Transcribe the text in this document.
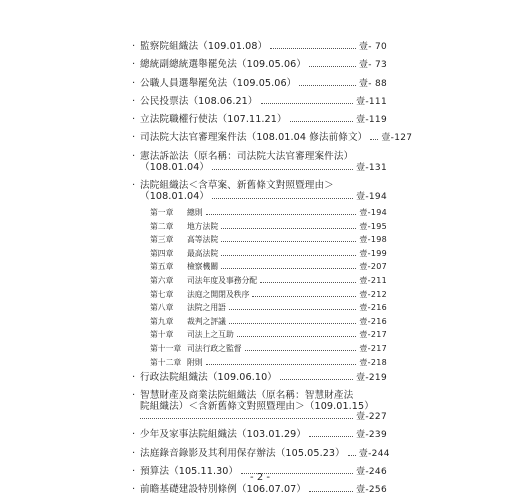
‧ 監察院組織法（109.01.08）	壹- 70
‧ 總統副總統選舉罷免法（109.05.06）	壹- 73
‧ 公職人員選舉罷免法（109.05.06）	壹- 88
‧ 公民投票法（108.06.21）	壹-111
‧ 立法院職權行使法（107.11.21）	壹-119
‧ 司法院大法官審理案件法（108.01.04 修法前條文） 壹-127
‧ 憲法訴訟法（原名稱：司法院大法官審理案件法）
（108.01.04）	壹-131
‧ 法院組織法＜含草案、新舊條文對照暨理由＞
（108.01.04）	壹-194
第一章	總則	壹-194
第二章	地方法院	壹-195
第三章	高等法院	壹-198
第四章	最高法院	壹-199
第五章	檢察機關	壹-207
第六章	司法年度及事務分配	壹-211
第七章	法庭之開閉及秩序	壹-212
第八章	法院之用語	壹-216
第九章	裁判之評議	壹-216
第十章	司法上之互助	壹-217
第十一章 司法行政之監督	壹-217
第十二章 附則	壹-218
‧ 行政法院組織法（109.06.10）	壹-219
‧ 智慧財產及商業法院組織法（原名稱：智慧財產法
院組織法）＜含新舊條文對照暨理由＞（109.01.15）
壹-227
‧ 少年及家事法院組織法（103.01.29）	壹-239
‧ 法庭錄音錄影及其利用保存辦法（105.05.23） 壹-244
‧ 預算法（105.11.30）	壹-246
‧ 前瞻基礎建設特別條例（106.07.07）	壹-256
- 2 -
